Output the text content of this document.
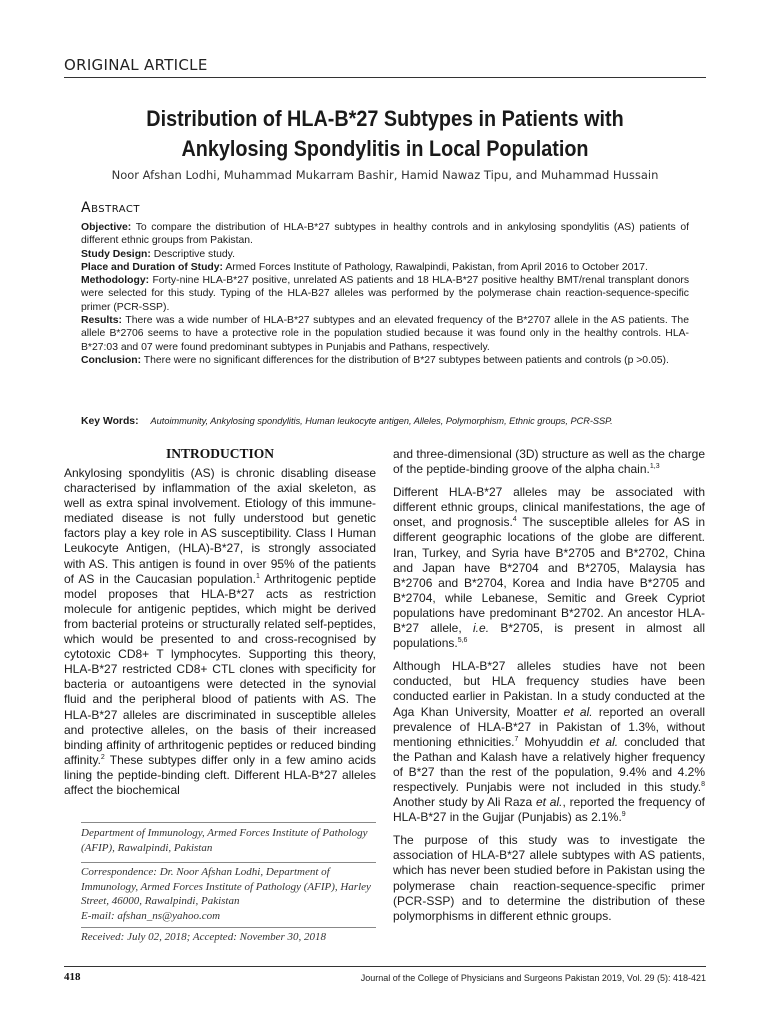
ORIGINAL ARTICLE
Distribution of HLA-B*27 Subtypes in Patients with Ankylosing Spondylitis in Local Population
Noor Afshan Lodhi, Muhammad Mukarram Bashir, Hamid Nawaz Tipu, and Muhammad Hussain
Abstract

Objective: To compare the distribution of HLA-B*27 subtypes in healthy controls and in ankylosing spondylitis (AS) patients of different ethnic groups from Pakistan.

Study Design: Descriptive study.

Place and Duration of Study: Armed Forces Institute of Pathology, Rawalpindi, Pakistan, from April 2016 to October 2017.

Methodology: Forty-nine HLA-B*27 positive, unrelated AS patients and 18 HLA-B*27 positive healthy BMT/renal transplant donors were selected for this study. Typing of the HLA-B27 alleles was performed by the polymerase chain reaction-sequence-specific primer (PCR-SSP).

Results: There was a wide number of HLA-B*27 subtypes and an elevated frequency of the B*2707 allele in the AS patients. The allele B*2706 seems to have a protective role in the population studied because it was found only in the healthy controls. HLA-B*27:03 and 07 were found predominant subtypes in Punjabis and Pathans, respectively.

Conclusion: There were no significant differences for the distribution of B*27 subtypes between patients and controls (p >0.05).

Key Words: Autoimmunity, Ankylosing spondylitis, Human leukocyte antigen, Alleles, Polymorphism, Ethnic groups, PCR-SSP.
INTRODUCTION

Ankylosing spondylitis (AS) is chronic disabling disease characterised by inflammation of the axial skeleton, as well as extra spinal involvement. Etiology of this immune-mediated disease is not fully understood but genetic factors play a key role in AS susceptibility. Class I Human Leukocyte Antigen, (HLA)-B*27, is strongly associated with AS. This antigen is found in over 95% of the patients of AS in the Caucasian population.$^1$ Arthritogenic peptide model proposes that HLA-B*27 acts as restriction molecule for antigenic peptides, which might be derived from bacterial proteins or structurally related self-peptides, which would be presented to and cross-recognised by cytotoxic CD8+ T lymphocytes. Supporting this theory, HLA-B*27 restricted CD8+ CTL clones with specificity for bacteria or autoantigens were detected in the synovial fluid and the peripheral blood of patients with AS. The HLA-B*27 alleles are discriminated in susceptible alleles and protective alleles, on the basis of their increased binding affinity of arthritogenic peptides or reduced binding affinity.$^2$ These subtypes differ only in a few amino acids lining the peptide-binding cleft. Different HLA-B*27 alleles affect the biochemical

Department of Immunology, Armed Forces Institute of Pathology (AFIP), Rawalpindi, Pakistan
Correspondence: Dr. Noor Afshan Lodhi, Department of Immunology, Armed Forces Institute of Pathology (AFIP), Harley Street, 46000, Rawalpindi, Pakistan
E-mail: afshan_ns@yahoo.com
Received: July 02, 2018; Accepted: November 30, 2018

and three-dimensional (3D) structure as well as the charge of the peptide-binding groove of the alpha chain.$^{1,3}$

Different HLA-B*27 alleles may be associated with different ethnic groups, clinical manifestations, the age of onset, and prognosis.$^4$ The susceptible alleles for AS in different geographic locations of the globe are different. Iran, Turkey, and Syria have B*2705 and B*2702, China and Japan have B*2704 and B*2705, Malaysia has B*2706 and B*2704, Korea and India have B*2705 and B*2704, while Lebanese, Semitic and Greek Cypriot populations have predominant B*2702. An ancestor HLA-B*27 allele, i.e. B*2705, is present in almost all populations.$^{5,6}$

Although HLA-B*27 alleles studies have not been conducted, but HLA frequency studies have been conducted earlier in Pakistan. In a study conducted at the Aga Khan University, Moatter et al. reported an overall prevalence of HLA-B*27 in Pakistan of 1.3%, without mentioning ethnicities.$^7$ Mohyuddin et al. concluded that the Pathan and Kalash have a relatively higher frequency of B*27 than the rest of the population, 9.4% and 4.2% respectively. Punjabis were not included in this study.$^8$ Another study by Ali Raza et al., reported the frequency of HLA-B*27 in the Gujjar (Punjabis) as 2.1%.$^9$

The purpose of this study was to investigate the association of HLA-B*27 allele subtypes with AS patients, which has never been studied before in Pakistan using the polymerase chain reaction-sequence-specific primer (PCR-SSP) and to determine the distribution of these polymorphisms in different ethnic groups.

418	Journal of the College of Physicians and Surgeons Pakistan 2019, Vol. 29 (5): 418-421
